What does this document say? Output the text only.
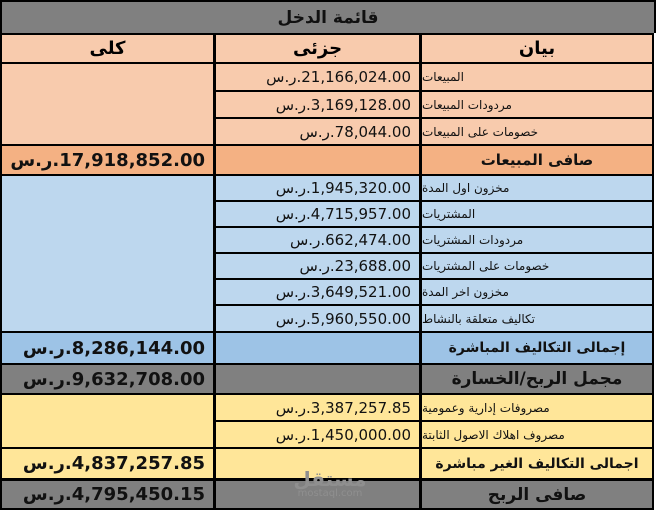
قائمة الدخل
بيان
جزئى
كلى
المبيعات
ر.س. 21,166,024.00
مردودات المبيعات
ر.س. 3,169,128.00
خصومات على المبيعات
ر.س. 78,044.00
صافى المبيعات
ر.س. 17,918,852.00
مخزون اول المدة
ر.س. 1,945,320.00
المشتريات
ر.س. 4,715,957.00
مردودات المشتريات
ر.س. 662,474.00
خصومات على المشتريات
ر.س. 23,688.00
مخزون اخر المدة
ر.س. 3,649,521.00
تكاليف متعلقة بالنشاط
ر.س. 5,960,550.00
إجمالى التكاليف المباشرة
ر.س. 8,286,144.00
مجمل الربح/الخسارة
ر.س. 9,632,708.00
مصروفات إدارية وعمومية
ر.س. 3,387,257.85
مصروف اهلاك الاصول الثابتة
ر.س. 1,450,000.00
اجمالى التكاليف الغير مباشرة
ر.س. 4,837,257.85
صافى الربح
ر.س. 4,795,450.15
مستقل
mostaql.com
